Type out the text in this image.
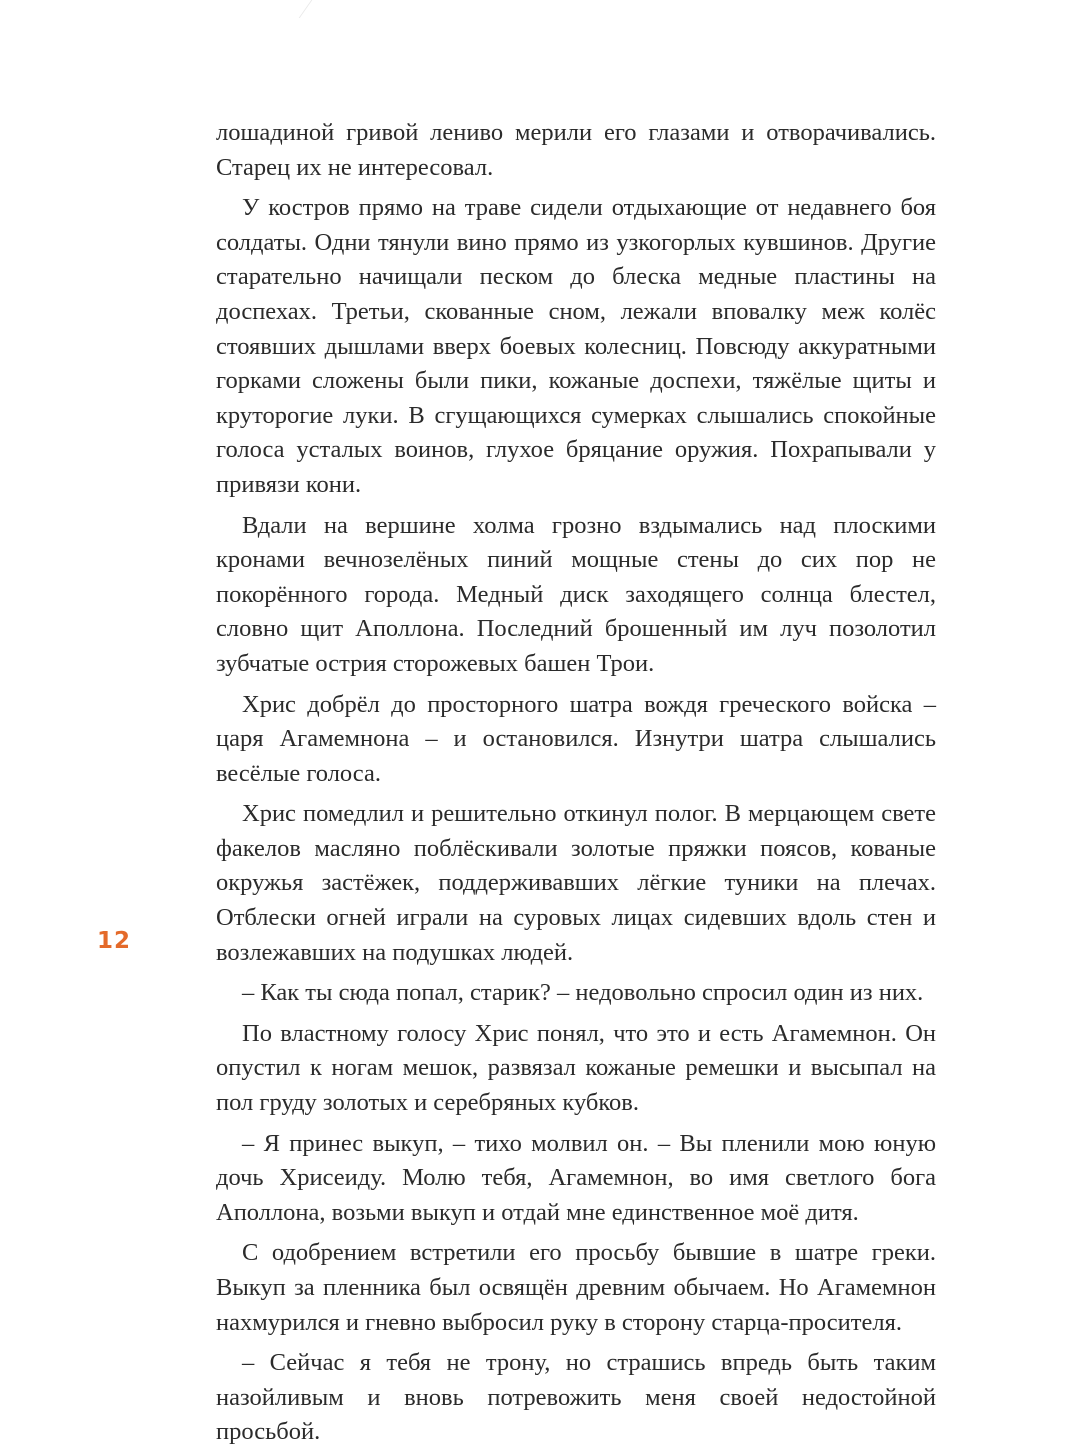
лошадиной гривой лениво мерили его глазами и отворачивались. Старец их не интересовал.

У костров прямо на траве сидели отдыхающие от недавнего боя солдаты. Одни тянули вино прямо из узкогорлых кувшинов. Другие старательно начищали песком до блеска медные пластины на доспехах. Третьи, скованные сном, лежали вповалку меж колёс стоявших дышлами вверх боевых колесниц. Повсюду аккуратными горками сложены были пики, кожаные доспехи, тяжёлые щиты и круторогие луки. В сгущающихся сумерках слышались спокойные голоса усталых воинов, глухое бряцание оружия. Похрапывали у привязи кони.

Вдали на вершине холма грозно вздымались над плоскими кронами вечнозелёных пиний мощные стены до сих пор не покорённого города. Медный диск заходящего солнца блестел, словно щит Аполлона. Последний брошенный им луч позолотил зубчатые острия сторожевых башен Трои.

Хрис добрёл до просторного шатра вождя греческого войска – царя Агамемнона – и остановился. Изнутри шатра слышались весёлые голоса.

Хрис помедлил и решительно откинул полог. В мерцающем свете факелов масляно поблёскивали золотые пряжки поясов, кованые окружья застёжек, поддерживавших лёгкие туники на плечах. Отблески огней играли на суровых лицах сидевших вдоль стен и возлежавших на подушках людей.

– Как ты сюда попал, старик? – недовольно спросил один из них.

По властному голосу Хрис понял, что это и есть Агамемнон. Он опустил к ногам мешок, развязал кожаные ремешки и высыпал на пол груду золотых и серебряных кубков.

– Я принес выкуп, – тихо молвил он. – Вы пленили мою юную дочь Хрисеиду. Молю тебя, Агамемнон, во имя светлого бога Аполлона, возьми выкуп и отдай мне единственное моё дитя.

С одобрением встретили его просьбу бывшие в шатре греки. Выкуп за пленника был освящён древним обычаем. Но Агамемнон нахмурился и гневно выбросил руку в сторону старца-просителя.

– Сейчас я тебя не трону, но страшись впредь быть таким назойливым и вновь потревожить меня своей недостойной просьбой.

12
